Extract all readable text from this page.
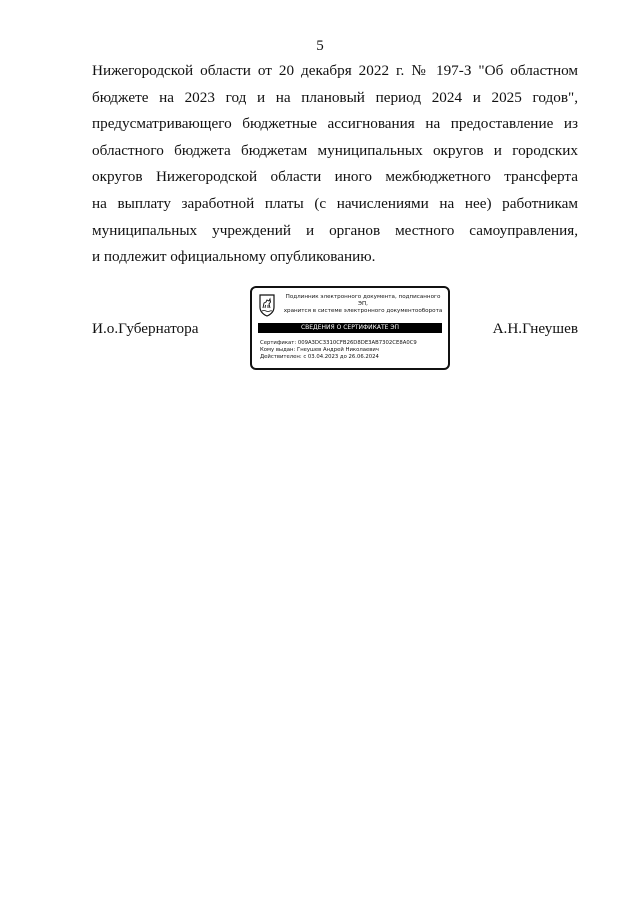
5
Нижегородской области от 20 декабря 2022 г. № 197-З "Об областном
бюджете на 2023 год и на плановый период 2024 и 2025 годов",
предусматривающего бюджетные ассигнования на предоставление из
областного бюджета бюджетам муниципальных округов и городских
округов Нижегородской области иного межбюджетного трансферта
на выплату заработной платы (с начислениями на нее) работникам
муниципальных учреждений и органов местного самоуправления,
и подлежит официальному опубликованию.
И.о.Губернатора
Подлинник электронного документа, подписанного ЭП,
хранится в системе электронного документооборота
СВЕДЕНИЯ О СЕРТИФИКАТЕ ЭП
Сертификат: 009A3DC3310CFB26D8DE3AB7302CE8A0C9
Кому выдан: Гнеушев Андрей Николаевич
Действителен: с 03.04.2023 до 26.06.2024
А.Н.Гнеушев
